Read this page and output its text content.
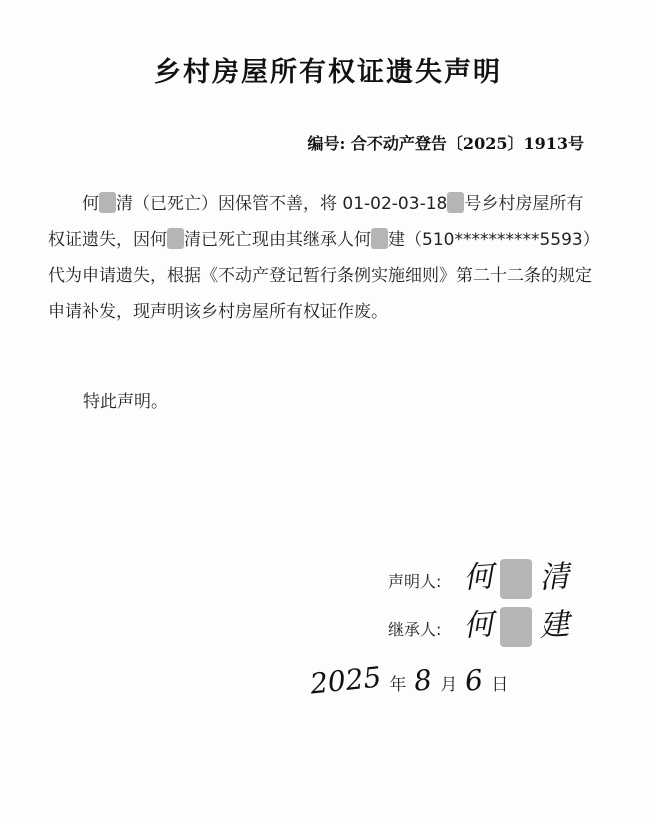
乡村房屋所有权证遗失声明
编号: 合不动产登告〔2025〕1913号

何 清（已死亡）因保管不善，将 01-02-03-18 号乡村房屋所有权证遗失，因何 清已死亡现由其继承人何 建（510**********5593）代为申请遗失，根据《不动产登记暂行条例实施细则》第二十二条的规定申请补发，现声明该乡村房屋所有权证作废。

特此声明。
声明人: 何 清
继承人: 何 建
2025 年 8 月 6 日
